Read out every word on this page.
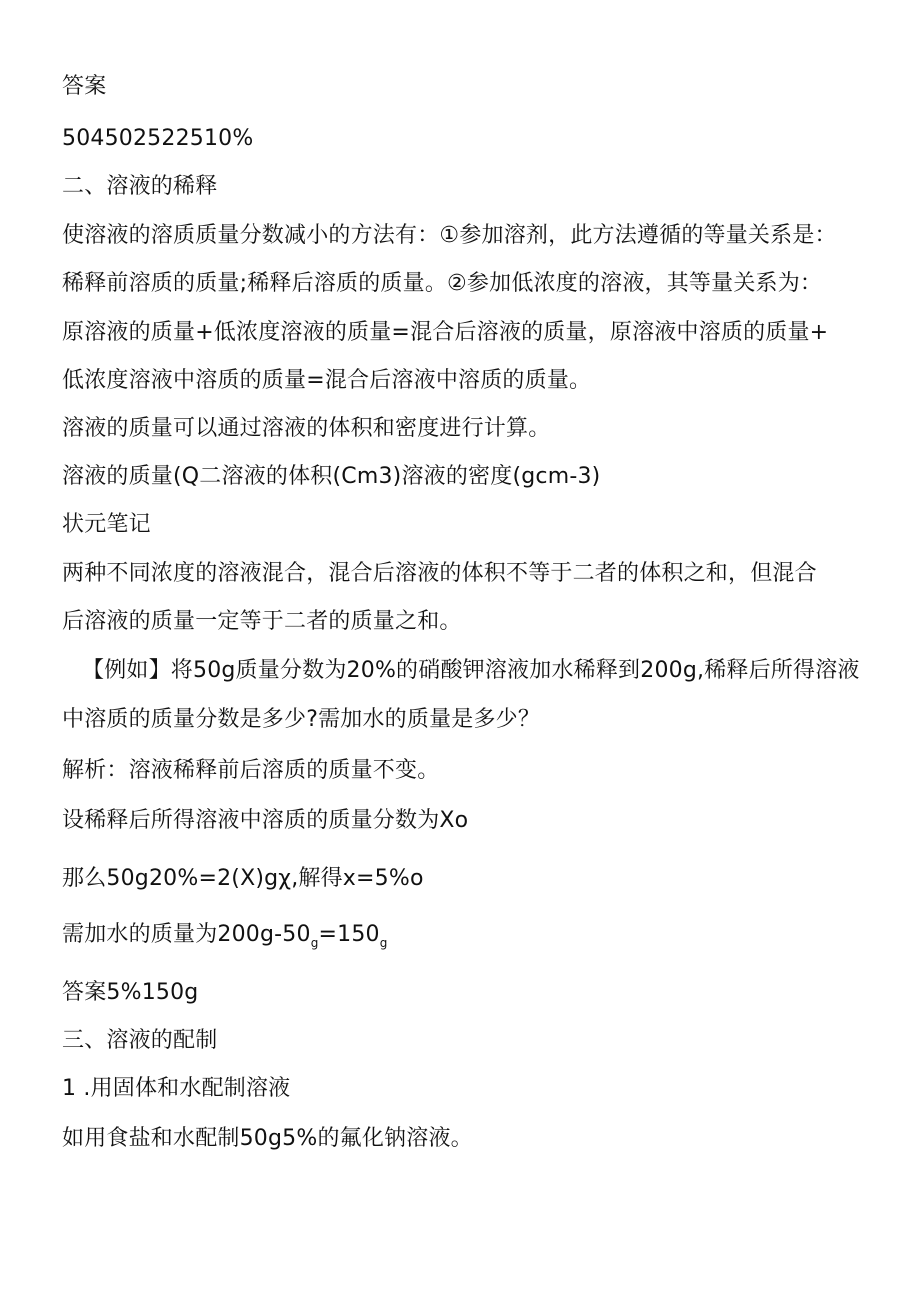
答案
504502522510%
二、溶液的稀释
使溶液的溶质质量分数减小的方法有：①参加溶剂，此方法遵循的等量关系是：
稀释前溶质的质量;稀释后溶质的质量。②参加低浓度的溶液，其等量关系为：
原溶液的质量+低浓度溶液的质量=混合后溶液的质量，原溶液中溶质的质量+
低浓度溶液中溶质的质量=混合后溶液中溶质的质量。
溶液的质量可以通过溶液的体积和密度进行计算。
溶液的质量(Q二溶液的体积(Cm3)溶液的密度(gcm-3)
状元笔记
两种不同浓度的溶液混合，混合后溶液的体积不等于二者的体积之和，但混合
后溶液的质量一定等于二者的质量之和。
【例如】将50g质量分数为20%的硝酸钾溶液加水稀释到200g,稀释后所得溶液
中溶质的质量分数是多少?需加水的质量是多少？
解析：溶液稀释前后溶质的质量不变。
设稀释后所得溶液中溶质的质量分数为Xo
那么50g20%=2(X)gχ,解得x=5%o
需加水的质量为$200g-50_g=150_g$
答案5%150g
三、溶液的配制
1 .用固体和水配制溶液
如用食盐和水配制50g5%的氟化钠溶液。
